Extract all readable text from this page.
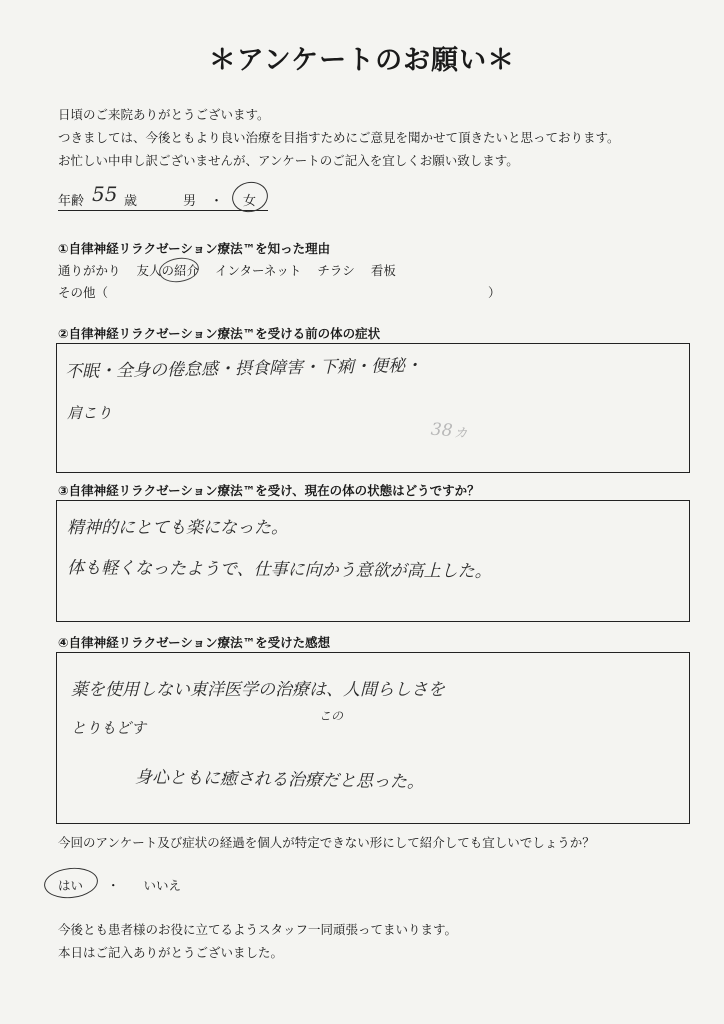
＊アンケートのお願い＊
日頃のご来院ありがとうございます。
つきましては、今後ともより良い治療を目指すためにご意見を聞かせて頂きたいと思っております。
お忙しい中申し訳ございませんが、アンケートのご記入を宜しくお願い致します。
年齢 55 歳	男 ・ 女
①自律神経リラクゼーション療法™を知った理由
通りがかり 友人の紹介 インターネット チラシ 看板
その他（	）
②自律神経リラクゼーション療法™を受ける前の体の症状
不眠・全身の倦怠感・摂食障害・下痢・便秘・
肩こり
38ヵ
③自律神経リラクゼーション療法™を受け、現在の体の状態はどうですか？
精神的にとても楽になった。
体も軽くなったようで、仕事に向かう意欲が高上した。
④自律神経リラクゼーション療法™を受けた感想
薬を使用しない東洋医学の治療は、人間らしさを
この
とりもどす
身心ともに癒される治療だと思った。
今回のアンケート及び症状の経過を個人が特定できない形にして紹介しても宜しいでしょうか？
はい ・ いいえ
今後とも患者様のお役に立てるようスタッフ一同頑張ってまいります。
本日はご記入ありがとうございました。
